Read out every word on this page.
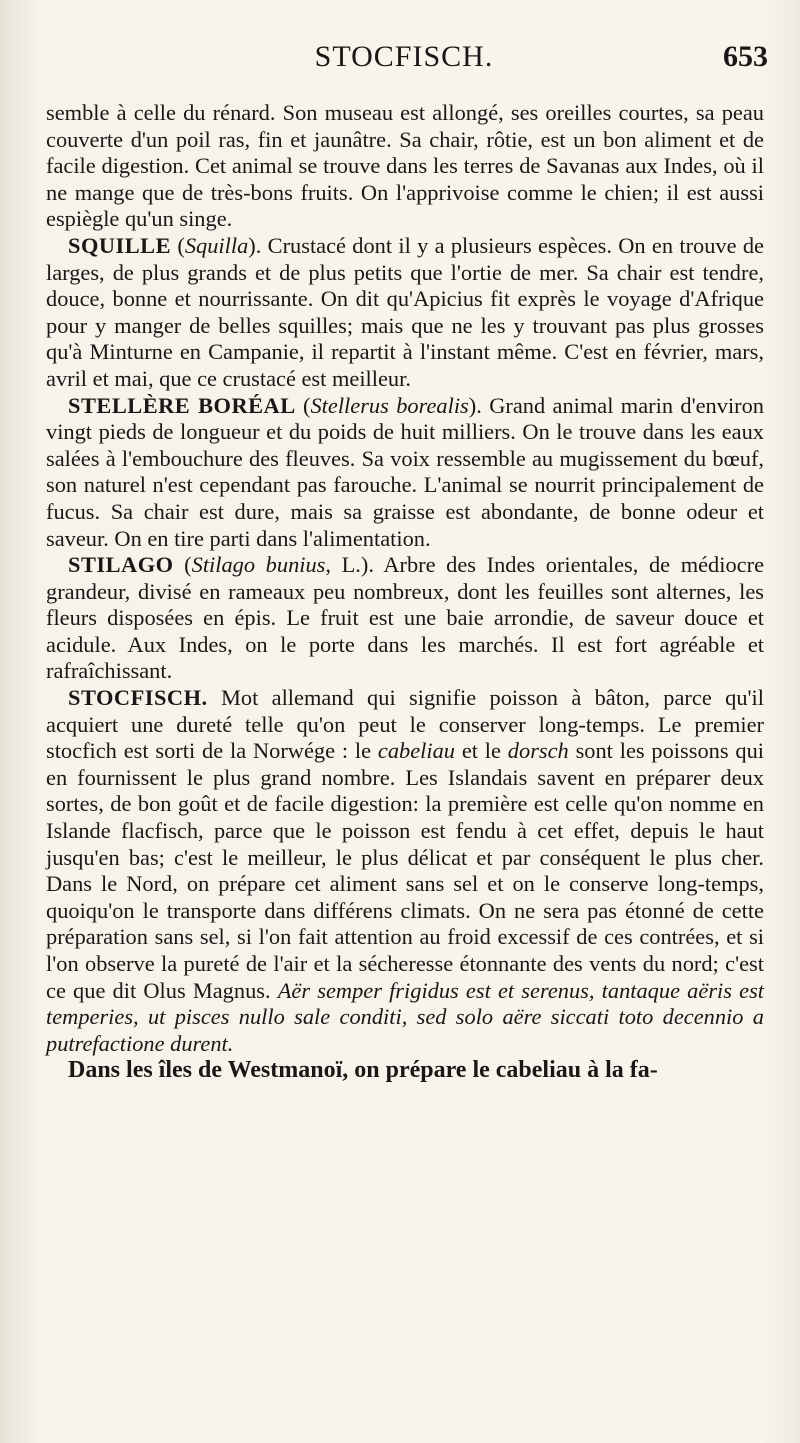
STOCFISCH.	653

semble à celle du rénard. Son museau est allongé, ses oreilles courtes, sa peau couverte d'un poil ras, fin et jaunâtre. Sa chair, rôtie, est un bon aliment et de facile digestion. Cet animal se trouve dans les terres de Savanas aux Indes, où il ne mange que de très-bons fruits. On l'apprivoise comme le chien; il est aussi espiègle qu'un singe.

SQUILLE (Squilla). Crustacé dont il y a plusieurs espèces. On en trouve de larges, de plus grands et de plus petits que l'ortie de mer. Sa chair est tendre, douce, bonne et nourrissante. On dit qu'Apicius fit exprès le voyage d'Afrique pour y manger de belles squilles; mais que ne les y trouvant pas plus grosses qu'à Minturne en Campanie, il repartit à l'instant même. C'est en février, mars, avril et mai, que ce crustacé est meilleur.

STELLÈRE BORÉAL (Stellerus borealis). Grand animal marin d'environ vingt pieds de longueur et du poids de huit milliers. On le trouve dans les eaux salées à l'embouchure des fleuves. Sa voix ressemble au mugissement du bœuf, son naturel n'est cependant pas farouche. L'animal se nourrit principalement de fucus. Sa chair est dure, mais sa graisse est abondante, de bonne odeur et saveur. On en tire parti dans l'alimentation.

STILAGO (Stilago bunius, L.). Arbre des Indes orientales, de médiocre grandeur, divisé en rameaux peu nombreux, dont les feuilles sont alternes, les fleurs disposées en épis. Le fruit est une baie arrondie, de saveur douce et acidule. Aux Indes, on le porte dans les marchés. Il est fort agréable et rafraîchissant.

STOCFISCH. Mot allemand qui signifie poisson à bâton, parce qu'il acquiert une dureté telle qu'on peut le conserver long-temps. Le premier stocfich est sorti de la Norwége : le cabeliau et le dorsch sont les poissons qui en fournissent le plus grand nombre. Les Islandais savent en préparer deux sortes, de bon goût et de facile digestion: la première est celle qu'on nomme en Islande flacfisch, parce que le poisson est fendu à cet effet, depuis le haut jusqu'en bas; c'est le meilleur, le plus délicat et par conséquent le plus cher. Dans le Nord, on prépare cet aliment sans sel et on le conserve long-temps, quoiqu'on le transporte dans différens climats. On ne sera pas étonné de cette préparation sans sel, si l'on fait attention au froid excessif de ces contrées, et si l'on observe la pureté de l'air et la sécheresse étonnante des vents du nord; c'est ce que dit Olus Magnus. Aër semper frigidus est et serenus, tantaque aëris est temperies, ut pisces nullo sale conditi, sed solo aëre siccati toto decennio a putrefactione durent.

Dans les îles de Westmanoï, on prépare le cabeliau à la fa-
